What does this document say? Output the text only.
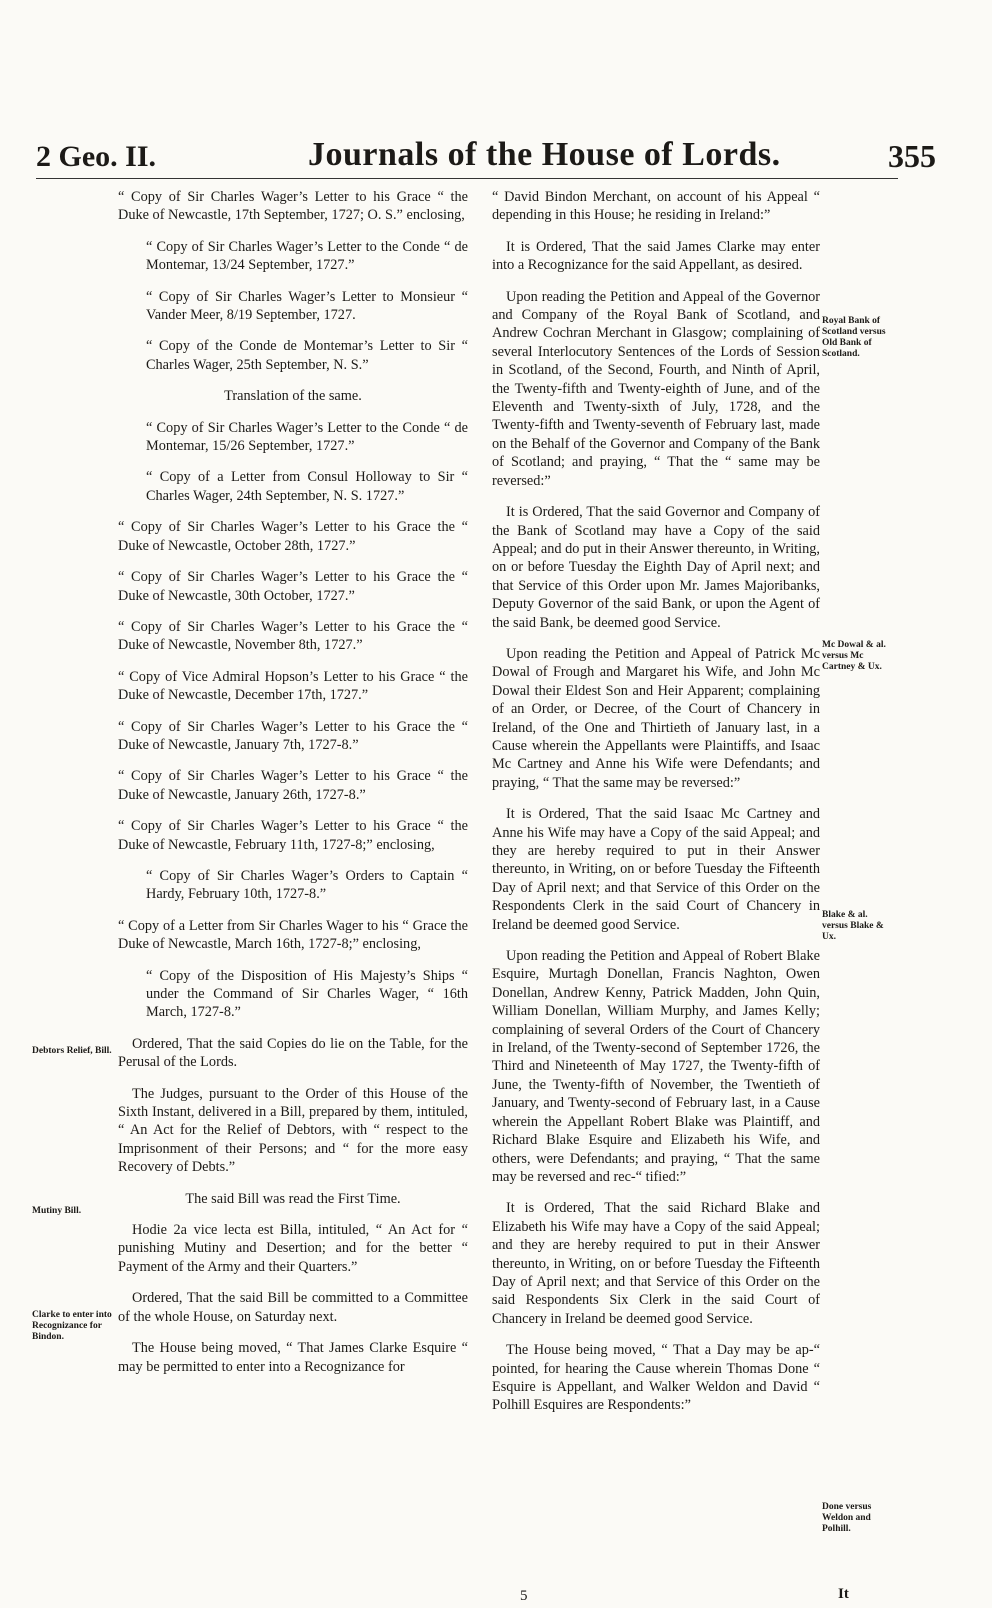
2 Geo. II.	Journals of the House of Lords.	355

“ Copy of Sir Charles Wager’s Letter to his Grace “ the Duke of Newcastle, 17th September, 1727; O. S.” enclosing,

“ Copy of Sir Charles Wager’s Letter to the Conde “ de Montemar, 13/24 September, 1727.”

“ Copy of Sir Charles Wager’s Letter to Monsieur “ Vander Meer, 8/19 September, 1727.

“ Copy of the Conde de Montemar’s Letter to Sir “ Charles Wager, 25th September, N. S.”

Translation of the same.

“ Copy of Sir Charles Wager’s Letter to the Conde “ de Montemar, 15/26 September, 1727.”

“ Copy of a Letter from Consul Holloway to Sir “ Charles Wager, 24th September, N. S. 1727.”

“ Copy of Sir Charles Wager’s Letter to his Grace the “ Duke of Newcastle, October 28th, 1727.”

“ Copy of Sir Charles Wager’s Letter to his Grace the “ Duke of Newcastle, 30th October, 1727.”

“ Copy of Sir Charles Wager’s Letter to his Grace the “ Duke of Newcastle, November 8th, 1727.”

“ Copy of Vice Admiral Hopson’s Letter to his Grace “ the Duke of Newcastle, December 17th, 1727.”

“ Copy of Sir Charles Wager’s Letter to his Grace the “ Duke of Newcastle, January 7th, 1727-8.”

“ Copy of Sir Charles Wager’s Letter to his Grace “ the Duke of Newcastle, January 26th, 1727-8.”

“ Copy of Sir Charles Wager’s Letter to his Grace “ the Duke of Newcastle, February 11th, 1727-8;” enclosing,

“ Copy of Sir Charles Wager’s Orders to Captain “ Hardy, February 10th, 1727-8.”

“ Copy of a Letter from Sir Charles Wager to his “ Grace the Duke of Newcastle, March 16th, 1727-8;” enclosing,

“ Copy of the Disposition of His Majesty’s Ships “ under the Command of Sir Charles Wager, “ 16th March, 1727-8.”

Ordered, That the said Copies do lie on the Table, for the Perusal of the Lords.

The Judges, pursuant to the Order of this House of the Sixth Instant, delivered in a Bill, prepared by them, intituled, “ An Act for the Relief of Debtors, with “ respect to the Imprisonment of their Persons; and “ for the more easy Recovery of Debts.”

The said Bill was read the First Time.

Hodie 2a vice lecta est Billa, intituled, “ An Act for “ punishing Mutiny and Desertion; and for the better “ Payment of the Army and their Quarters.”

Ordered, That the said Bill be committed to a Committee of the whole House, on Saturday next.

The House being moved, “ That James Clarke Esquire “ may be permitted to enter into a Recognizance for

“ David Bindon Merchant, on account of his Appeal “ depending in this House; he residing in Ireland:”

It is Ordered, That the said James Clarke may enter into a Recognizance for the said Appellant, as desired.

Upon reading the Petition and Appeal of the Governor and Company of the Royal Bank of Scotland, and Andrew Cochran Merchant in Glasgow; complaining of several Interlocutory Sentences of the Lords of Session in Scotland, of the Second, Fourth, and Ninth of April, the Twenty-fifth and Twenty-eighth of June, and of the Eleventh and Twenty-sixth of July, 1728, and the Twenty-fifth and Twenty-seventh of February last, made on the Behalf of the Governor and Company of the Bank of Scotland; and praying, “ That the “ same may be reversed:”

It is Ordered, That the said Governor and Company of the Bank of Scotland may have a Copy of the said Appeal; and do put in their Answer thereunto, in Writing, on or before Tuesday the Eighth Day of April next; and that Service of this Order upon Mr. James Majoribanks, Deputy Governor of the said Bank, or upon the Agent of the said Bank, be deemed good Service.

Upon reading the Petition and Appeal of Patrick Mc Dowal of Frough and Margaret his Wife, and John Mc Dowal their Eldest Son and Heir Apparent; complaining of an Order, or Decree, of the Court of Chancery in Ireland, of the One and Thirtieth of January last, in a Cause wherein the Appellants were Plaintiffs, and Isaac Mc Cartney and Anne his Wife were Defendants; and praying, “ That the same may be reversed:”

It is Ordered, That the said Isaac Mc Cartney and Anne his Wife may have a Copy of the said Appeal; and they are hereby required to put in their Answer thereunto, in Writing, on or before Tuesday the Fifteenth Day of April next; and that Service of this Order on the Respondents Clerk in the said Court of Chancery in Ireland be deemed good Service.

Upon reading the Petition and Appeal of Robert Blake Esquire, Murtagh Donellan, Francis Naghton, Owen Donellan, Andrew Kenny, Patrick Madden, John Quin, William Donellan, William Murphy, and James Kelly; complaining of several Orders of the Court of Chancery in Ireland, of the Twenty-second of September 1726, the Third and Nineteenth of May 1727, the Twenty-fifth of June, the Twenty-fifth of November, the Twentieth of January, and Twenty-second of February last, in a Cause wherein the Appellant Robert Blake was Plaintiff, and Richard Blake Esquire and Elizabeth his Wife, and others, were Defendants; and praying, “ That the same may be reversed and rec-“ tified:”

It is Ordered, That the said Richard Blake and Elizabeth his Wife may have a Copy of the said Appeal; and they are hereby required to put in their Answer thereunto, in Writing, on or before Tuesday the Fifteenth Day of April next; and that Service of this Order on the said Respondents Six Clerk in the said Court of Chancery in Ireland be deemed good Service.

The House being moved, “ That a Day may be ap-“ pointed, for hearing the Cause wherein Thomas Done “ Esquire is Appellant, and Walker Weldon and David “ Polhill Esquires are Respondents:”

Debtors Relief, Bill.
Mutiny Bill.
Clarke to enter into Recognizance for Bindon.
Royal Bank of Scotland versus Old Bank of Scotland.
Mc Dowal & al. versus Mc Cartney & Ux.
Blake & al. versus Blake & Ux.
Done versus Weldon and Polhill.
5	It
